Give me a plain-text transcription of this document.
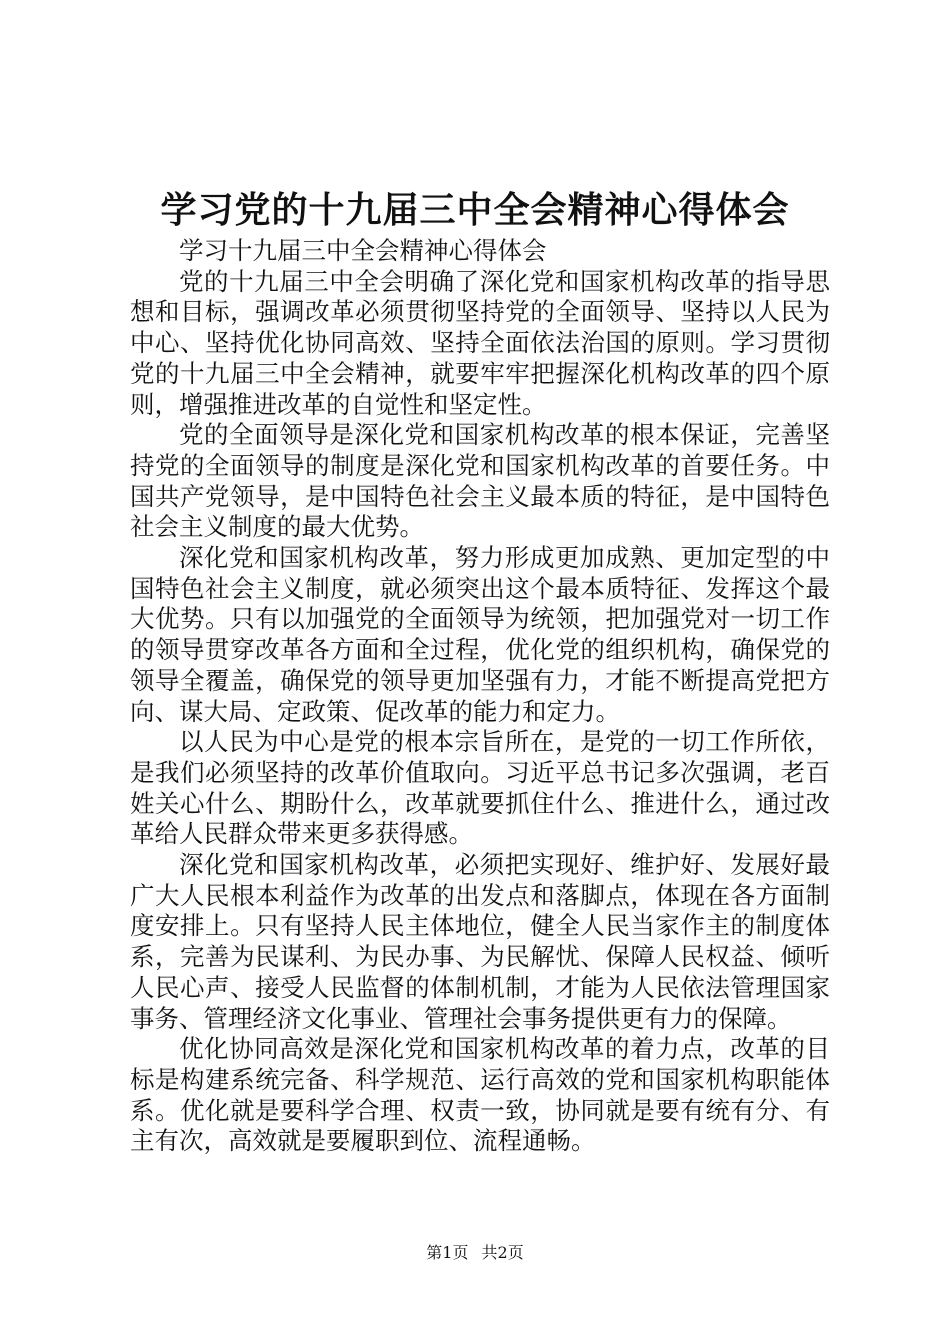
学习党的十九届三中全会精神心得体会

学习十九届三中全会精神心得体会

党的十九届三中全会明确了深化党和国家机构改革的指导思想和目标，强调改革必须贯彻坚持党的全面领导、坚持以人民为中心、坚持优化协同高效、坚持全面依法治国的原则。学习贯彻党的十九届三中全会精神，就要牢牢把握深化机构改革的四个原则，增强推进改革的自觉性和坚定性。

党的全面领导是深化党和国家机构改革的根本保证，完善坚持党的全面领导的制度是深化党和国家机构改革的首要任务。中国共产党领导，是中国特色社会主义最本质的特征，是中国特色社会主义制度的最大优势。

深化党和国家机构改革，努力形成更加成熟、更加定型的中国特色社会主义制度，就必须突出这个最本质特征、发挥这个最大优势。只有以加强党的全面领导为统领，把加强党对一切工作的领导贯穿改革各方面和全过程，优化党的组织机构，确保党的领导全覆盖，确保党的领导更加坚强有力，才能不断提高党把方向、谋大局、定政策、促改革的能力和定力。

以人民为中心是党的根本宗旨所在，是党的一切工作所依，是我们必须坚持的改革价值取向。习近平总书记多次强调，老百姓关心什么、期盼什么，改革就要抓住什么、推进什么，通过改革给人民群众带来更多获得感。

深化党和国家机构改革，必须把实现好、维护好、发展好最广大人民根本利益作为改革的出发点和落脚点，体现在各方面制度安排上。只有坚持人民主体地位，健全人民当家作主的制度体系，完善为民谋利、为民办事、为民解忧、保障人民权益、倾听人民心声、接受人民监督的体制机制，才能为人民依法管理国家事务、管理经济文化事业、管理社会事务提供更有力的保障。

优化协同高效是深化党和国家机构改革的着力点，改革的目标是构建系统完备、科学规范、运行高效的党和国家机构职能体系。优化就是要科学合理、权责一致，协同就是要有统有分、有主有次，高效就是要履职到位、流程通畅。

第1页 共2页
